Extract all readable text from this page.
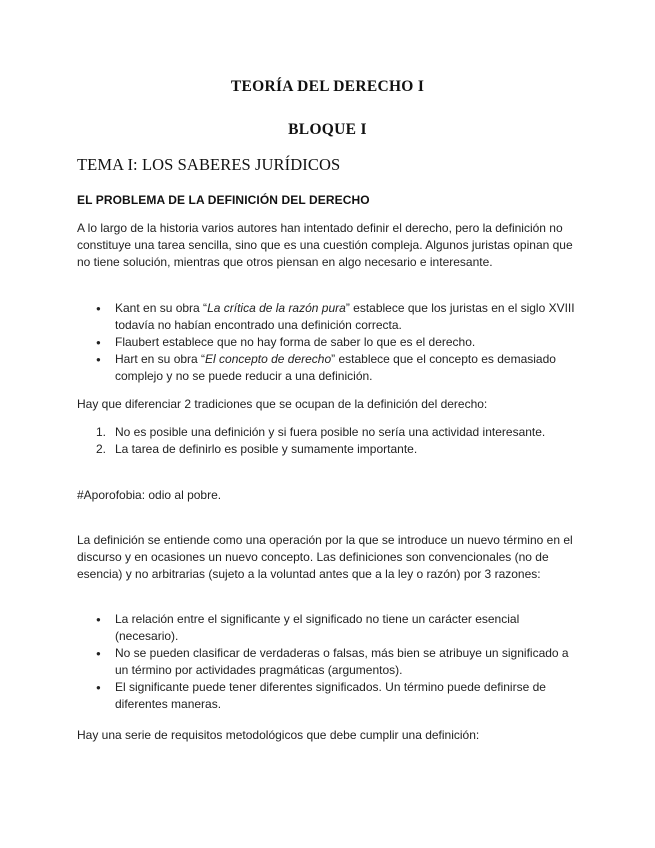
TEORÍA DEL DERECHO I
BLOQUE I
TEMA I: LOS SABERES JURÍDICOS
EL PROBLEMA DE LA DEFINICIÓN DEL DERECHO

A lo largo de la historia varios autores han intentado definir el derecho, pero la definición no constituye una tarea sencilla, sino que es una cuestión compleja. Algunos juristas opinan que no tiene solución, mientras que otros piensan en algo necesario e interesante.

● Kant en su obra “La crítica de la razón pura” establece que los juristas en el siglo XVIII todavía no habían encontrado una definición correcta.
● Flaubert establece que no hay forma de saber lo que es el derecho.
● Hart en su obra “El concepto de derecho” establece que el concepto es demasiado complejo y no se puede reducir a una definición.

Hay que diferenciar 2 tradiciones que se ocupan de la definición del derecho:

1. No es posible una definición y si fuera posible no sería una actividad interesante.
2. La tarea de definirlo es posible y sumamente importante.

#Aporofobia: odio al pobre.

La definición se entiende como una operación por la que se introduce un nuevo término en el discurso y en ocasiones un nuevo concepto. Las definiciones son convencionales (no de esencia) y no arbitrarias (sujeto a la voluntad antes que a la ley o razón) por 3 razones:

● La relación entre el significante y el significado no tiene un carácter esencial (necesario).
● No se pueden clasificar de verdaderas o falsas, más bien se atribuye un significado a un término por actividades pragmáticas (argumentos).
● El significante puede tener diferentes significados. Un término puede definirse de diferentes maneras.

Hay una serie de requisitos metodológicos que debe cumplir una definición:
